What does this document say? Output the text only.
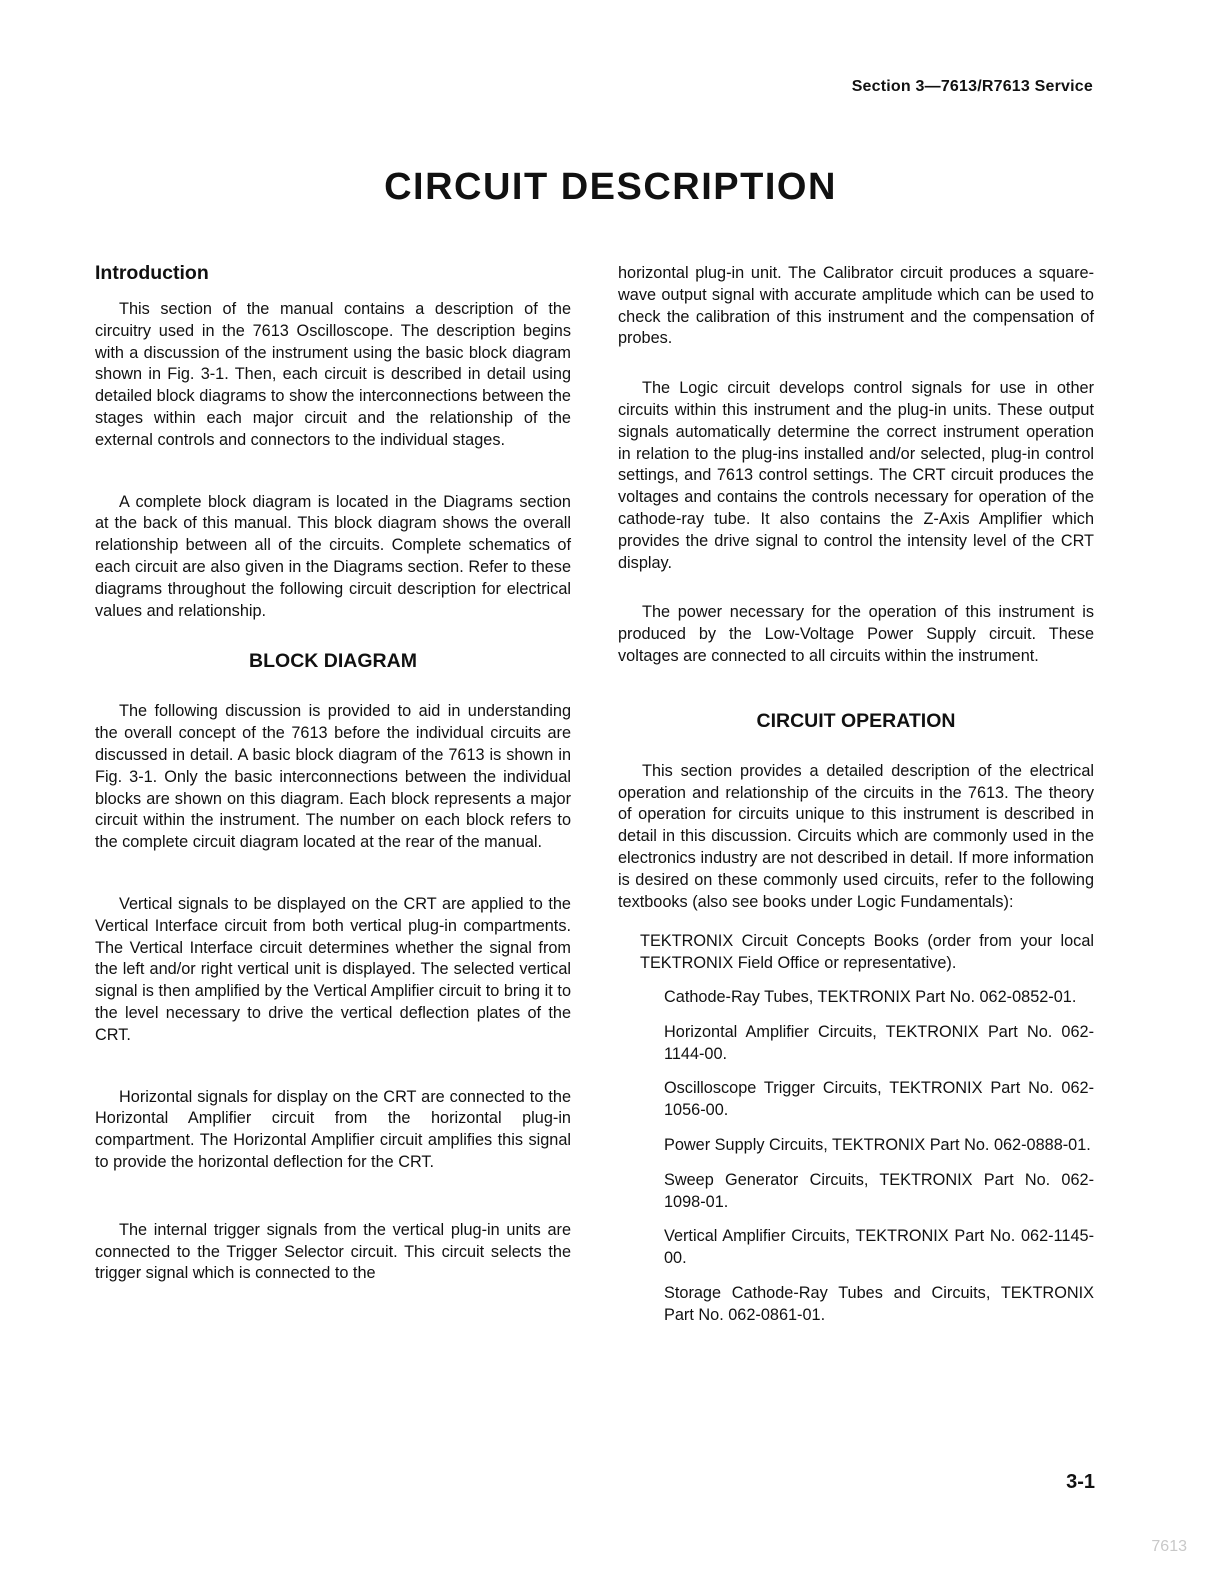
Section 3—7613/R7613 Service
CIRCUIT DESCRIPTION
Introduction

This section of the manual contains a description of the circuitry used in the 7613 Oscilloscope. The description begins with a discussion of the instrument using the basic block diagram shown in Fig. 3-1. Then, each circuit is described in detail using detailed block diagrams to show the interconnections between the stages within each major circuit and the relationship of the external controls and connectors to the individual stages.

A complete block diagram is located in the Diagrams section at the back of this manual. This block diagram shows the overall relationship between all of the circuits. Complete schematics of each circuit are also given in the Diagrams section. Refer to these diagrams throughout the following circuit description for electrical values and relationship.

BLOCK DIAGRAM

The following discussion is provided to aid in understanding the overall concept of the 7613 before the individual circuits are discussed in detail. A basic block diagram of the 7613 is shown in Fig. 3-1. Only the basic interconnections between the individual blocks are shown on this diagram. Each block represents a major circuit within the instrument. The number on each block refers to the complete circuit diagram located at the rear of the manual.

Vertical signals to be displayed on the CRT are applied to the Vertical Interface circuit from both vertical plug-in compartments. The Vertical Interface circuit determines whether the signal from the left and/or right vertical unit is displayed. The selected vertical signal is then amplified by the Vertical Amplifier circuit to bring it to the level necessary to drive the vertical deflection plates of the CRT.

Horizontal signals for display on the CRT are connected to the Horizontal Amplifier circuit from the horizontal plug-in compartment. The Horizontal Amplifier circuit amplifies this signal to provide the horizontal deflection for the CRT.

The internal trigger signals from the vertical plug-in units are connected to the Trigger Selector circuit. This circuit selects the trigger signal which is connected to the

horizontal plug-in unit. The Calibrator circuit produces a square-wave output signal with accurate amplitude which can be used to check the calibration of this instrument and the compensation of probes.

The Logic circuit develops control signals for use in other circuits within this instrument and the plug-in units. These output signals automatically determine the correct instrument operation in relation to the plug-ins installed and/or selected, plug-in control settings, and 7613 control settings. The CRT circuit produces the voltages and contains the controls necessary for operation of the cathode-ray tube. It also contains the Z-Axis Amplifier which provides the drive signal to control the intensity level of the CRT display.

The power necessary for the operation of this instrument is produced by the Low-Voltage Power Supply circuit. These voltages are connected to all circuits within the instrument.

CIRCUIT OPERATION

This section provides a detailed description of the electrical operation and relationship of the circuits in the 7613. The theory of operation for circuits unique to this instrument is described in detail in this discussion. Circuits which are commonly used in the electronics industry are not described in detail. If more information is desired on these commonly used circuits, refer to the following textbooks (also see books under Logic Fundamentals):

TEKTRONIX Circuit Concepts Books (order from your local TEKTRONIX Field Office or representative).
Cathode-Ray Tubes, TEKTRONIX Part No. 062-0852-01.
Horizontal Amplifier Circuits, TEKTRONIX Part No. 062-1144-00.
Oscilloscope Trigger Circuits, TEKTRONIX Part No. 062-1056-00.
Power Supply Circuits, TEKTRONIX Part No. 062-0888-01.
Sweep Generator Circuits, TEKTRONIX Part No. 062-1098-01.
Vertical Amplifier Circuits, TEKTRONIX Part No. 062-1145-00.
Storage Cathode-Ray Tubes and Circuits, TEKTRONIX Part No. 062-0861-01.
3-1
7613
